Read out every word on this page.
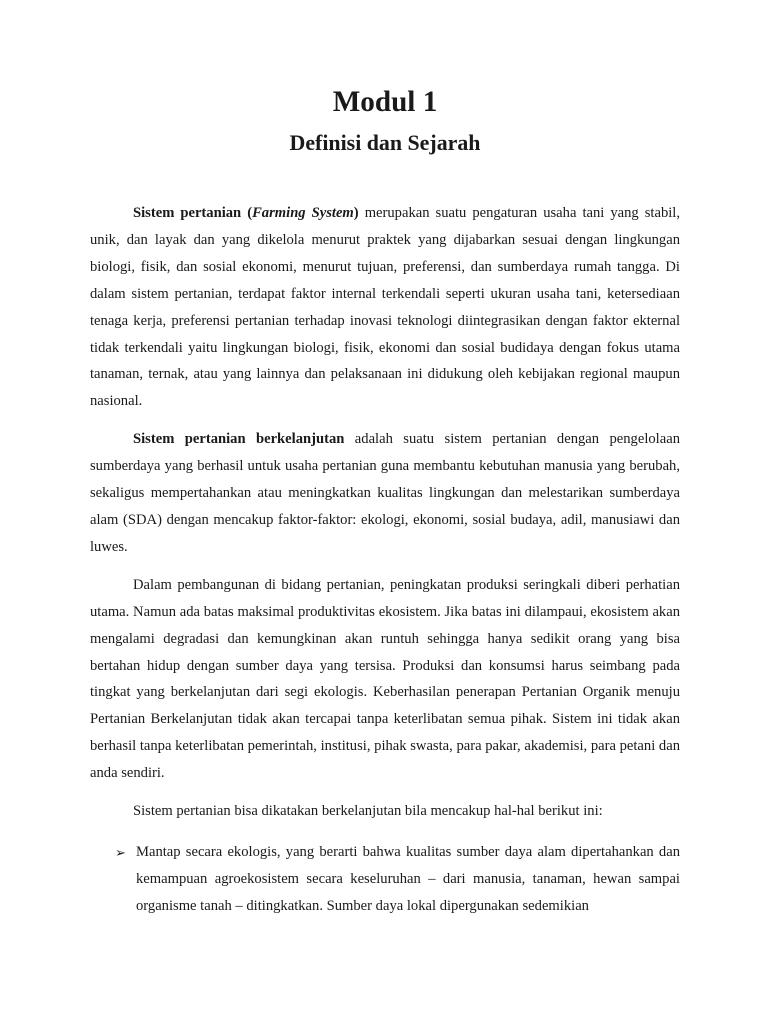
Modul 1
Definisi dan Sejarah

Sistem pertanian (Farming System) merupakan suatu pengaturan usaha tani yang stabil, unik, dan layak dan yang dikelola menurut praktek yang dijabarkan sesuai dengan lingkungan biologi, fisik, dan sosial ekonomi, menurut tujuan, preferensi, dan sumberdaya rumah tangga. Di dalam sistem pertanian, terdapat faktor internal terkendali seperti ukuran usaha tani, ketersediaan tenaga kerja, preferensi pertanian terhadap inovasi teknologi diintegrasikan dengan faktor ekternal tidak terkendali yaitu lingkungan biologi, fisik, ekonomi dan sosial budidaya dengan fokus utama tanaman, ternak, atau yang lainnya dan pelaksanaan ini didukung oleh kebijakan regional maupun nasional.

Sistem pertanian berkelanjutan adalah suatu sistem pertanian dengan pengelolaan sumberdaya yang berhasil untuk usaha pertanian guna membantu kebutuhan manusia yang berubah, sekaligus mempertahankan atau meningkatkan kualitas lingkungan dan melestarikan sumberdaya alam (SDA) dengan mencakup faktor-faktor: ekologi, ekonomi, sosial budaya, adil, manusiawi dan luwes.

Dalam pembangunan di bidang pertanian, peningkatan produksi seringkali diberi perhatian utama. Namun ada batas maksimal produktivitas ekosistem. Jika batas ini dilampaui, ekosistem akan mengalami degradasi dan kemungkinan akan runtuh sehingga hanya sedikit orang yang bisa bertahan hidup dengan sumber daya yang tersisa. Produksi dan konsumsi harus seimbang pada tingkat yang berkelanjutan dari segi ekologis. Keberhasilan penerapan Pertanian Organik menuju Pertanian Berkelanjutan tidak akan tercapai tanpa keterlibatan semua pihak. Sistem ini tidak akan berhasil tanpa keterlibatan pemerintah, institusi, pihak swasta, para pakar, akademisi, para petani dan anda sendiri.

Sistem pertanian bisa dikatakan berkelanjutan bila mencakup hal-hal berikut ini:

➢ Mantap secara ekologis, yang berarti bahwa kualitas sumber daya alam dipertahankan dan kemampuan agroekosistem secara keseluruhan – dari manusia, tanaman, hewan sampai organisme tanah – ditingkatkan. Sumber daya lokal dipergunakan sedemikian
